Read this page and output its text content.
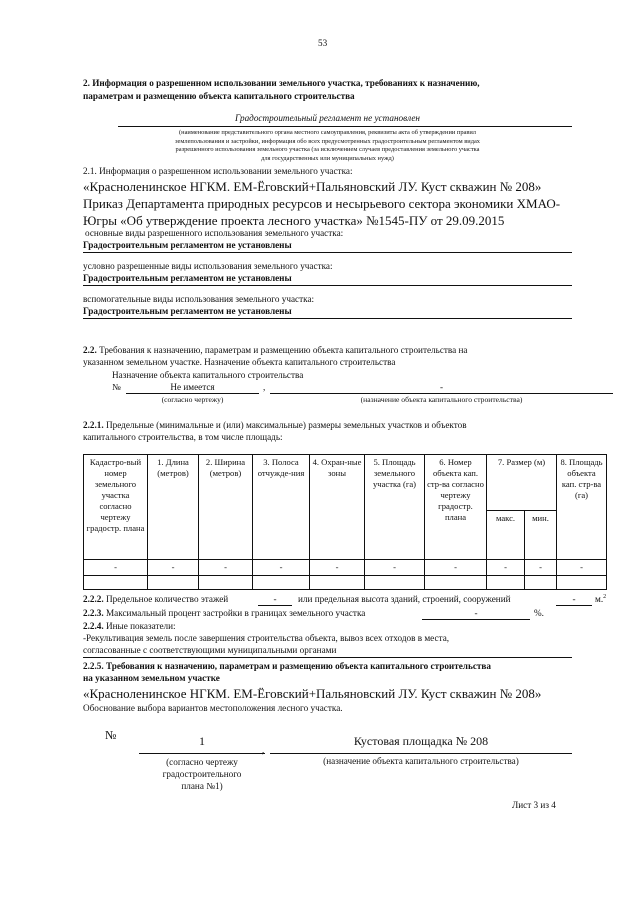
53
2. Информация о разрешенном использовании земельного участка, требованиях к назначению,
параметрам и размещению объекта капитального строительства
Градостроительный регламент не установлен
(наименование представительного органа местного самоуправления, реквизиты акта об утверждении правил
землепользования и застройки, информация обо всех предусмотренных градостроительным регламентом видах
разрешенного использования земельного участка (за исключением случаев предоставления земельного участка
для государственных или муниципальных нужд)
2.1. Информация о разрешенном использовании земельного участка:
«Красноленинское НГКМ. ЕМ-Ёговский+Пальяновский ЛУ. Куст скважин № 208»
Приказ Департамента природных ресурсов и несырьевого сектора экономики ХМАО-
Югры «Об утверждение проекта лесного участка» №1545-ПУ от 29.09.2015
основные виды разрешенного использования земельного участка:
Градостроительным регламентом не установлены
условно разрешенные виды использования земельного участка:
Градостроительным регламентом не установлены
вспомогательные виды использования земельного участка:
Градостроительным регламентом не установлены
2.2. Требования к назначению, параметрам и размещению объекта капитального строительства на
указанном земельном участке. Назначение объекта капитального строительства
Назначение объекта капитального строительства
№	Не имеется	,	-
(согласно чертежу)	(назначение объекта капитального строительства)
2.2.1. Предельные (минимальные и (или) максимальные) размеры земельных участков и объектов
капитального строительства, в том числе площадь:
Кадастро-вый номер земельного участка согласно чертежу градостр. плана	1. Длина (метров)	2. Ширина (метров)	3. Полоса отчужде-ния	4. Охран-ные зоны	5. Площадь земельного участка (га)	6. Номер объекта кап. стр-ва согласно чертежу градостр. плана	7. Размер (м)		8. Площадь объекта кап. стр-ва (га)
							макс.	мин.	
-	-	-	-	-	-	-	-	-	-

2.2.2. Предельное количество этажей	-	или предельная высота зданий, строений, сооружений	-	м.$^2$
2.2.3. Максимальный процент застройки в границах земельного участка	-	%.
2.2.4. Иные показатели:
-Рекультивация земель после завершения строительства объекта, вывоз всех отходов в места,
согласованные с соответствующими муниципальными органами
2.2.5. Требования к назначению, параметрам и размещению объекта капитального строительства
на указанном земельном участке
«Красноленинское НГКМ. ЕМ-Ёговский+Пальяновский ЛУ. Куст скважин № 208»
Обоснование выбора вариантов местоположения лесного участка.
№	1
,
Кустовая площадка № 208
(согласно чертежу
градостроительного
плана №1)
(назначение объекта капитального строительства)
Лист 3 из 4
